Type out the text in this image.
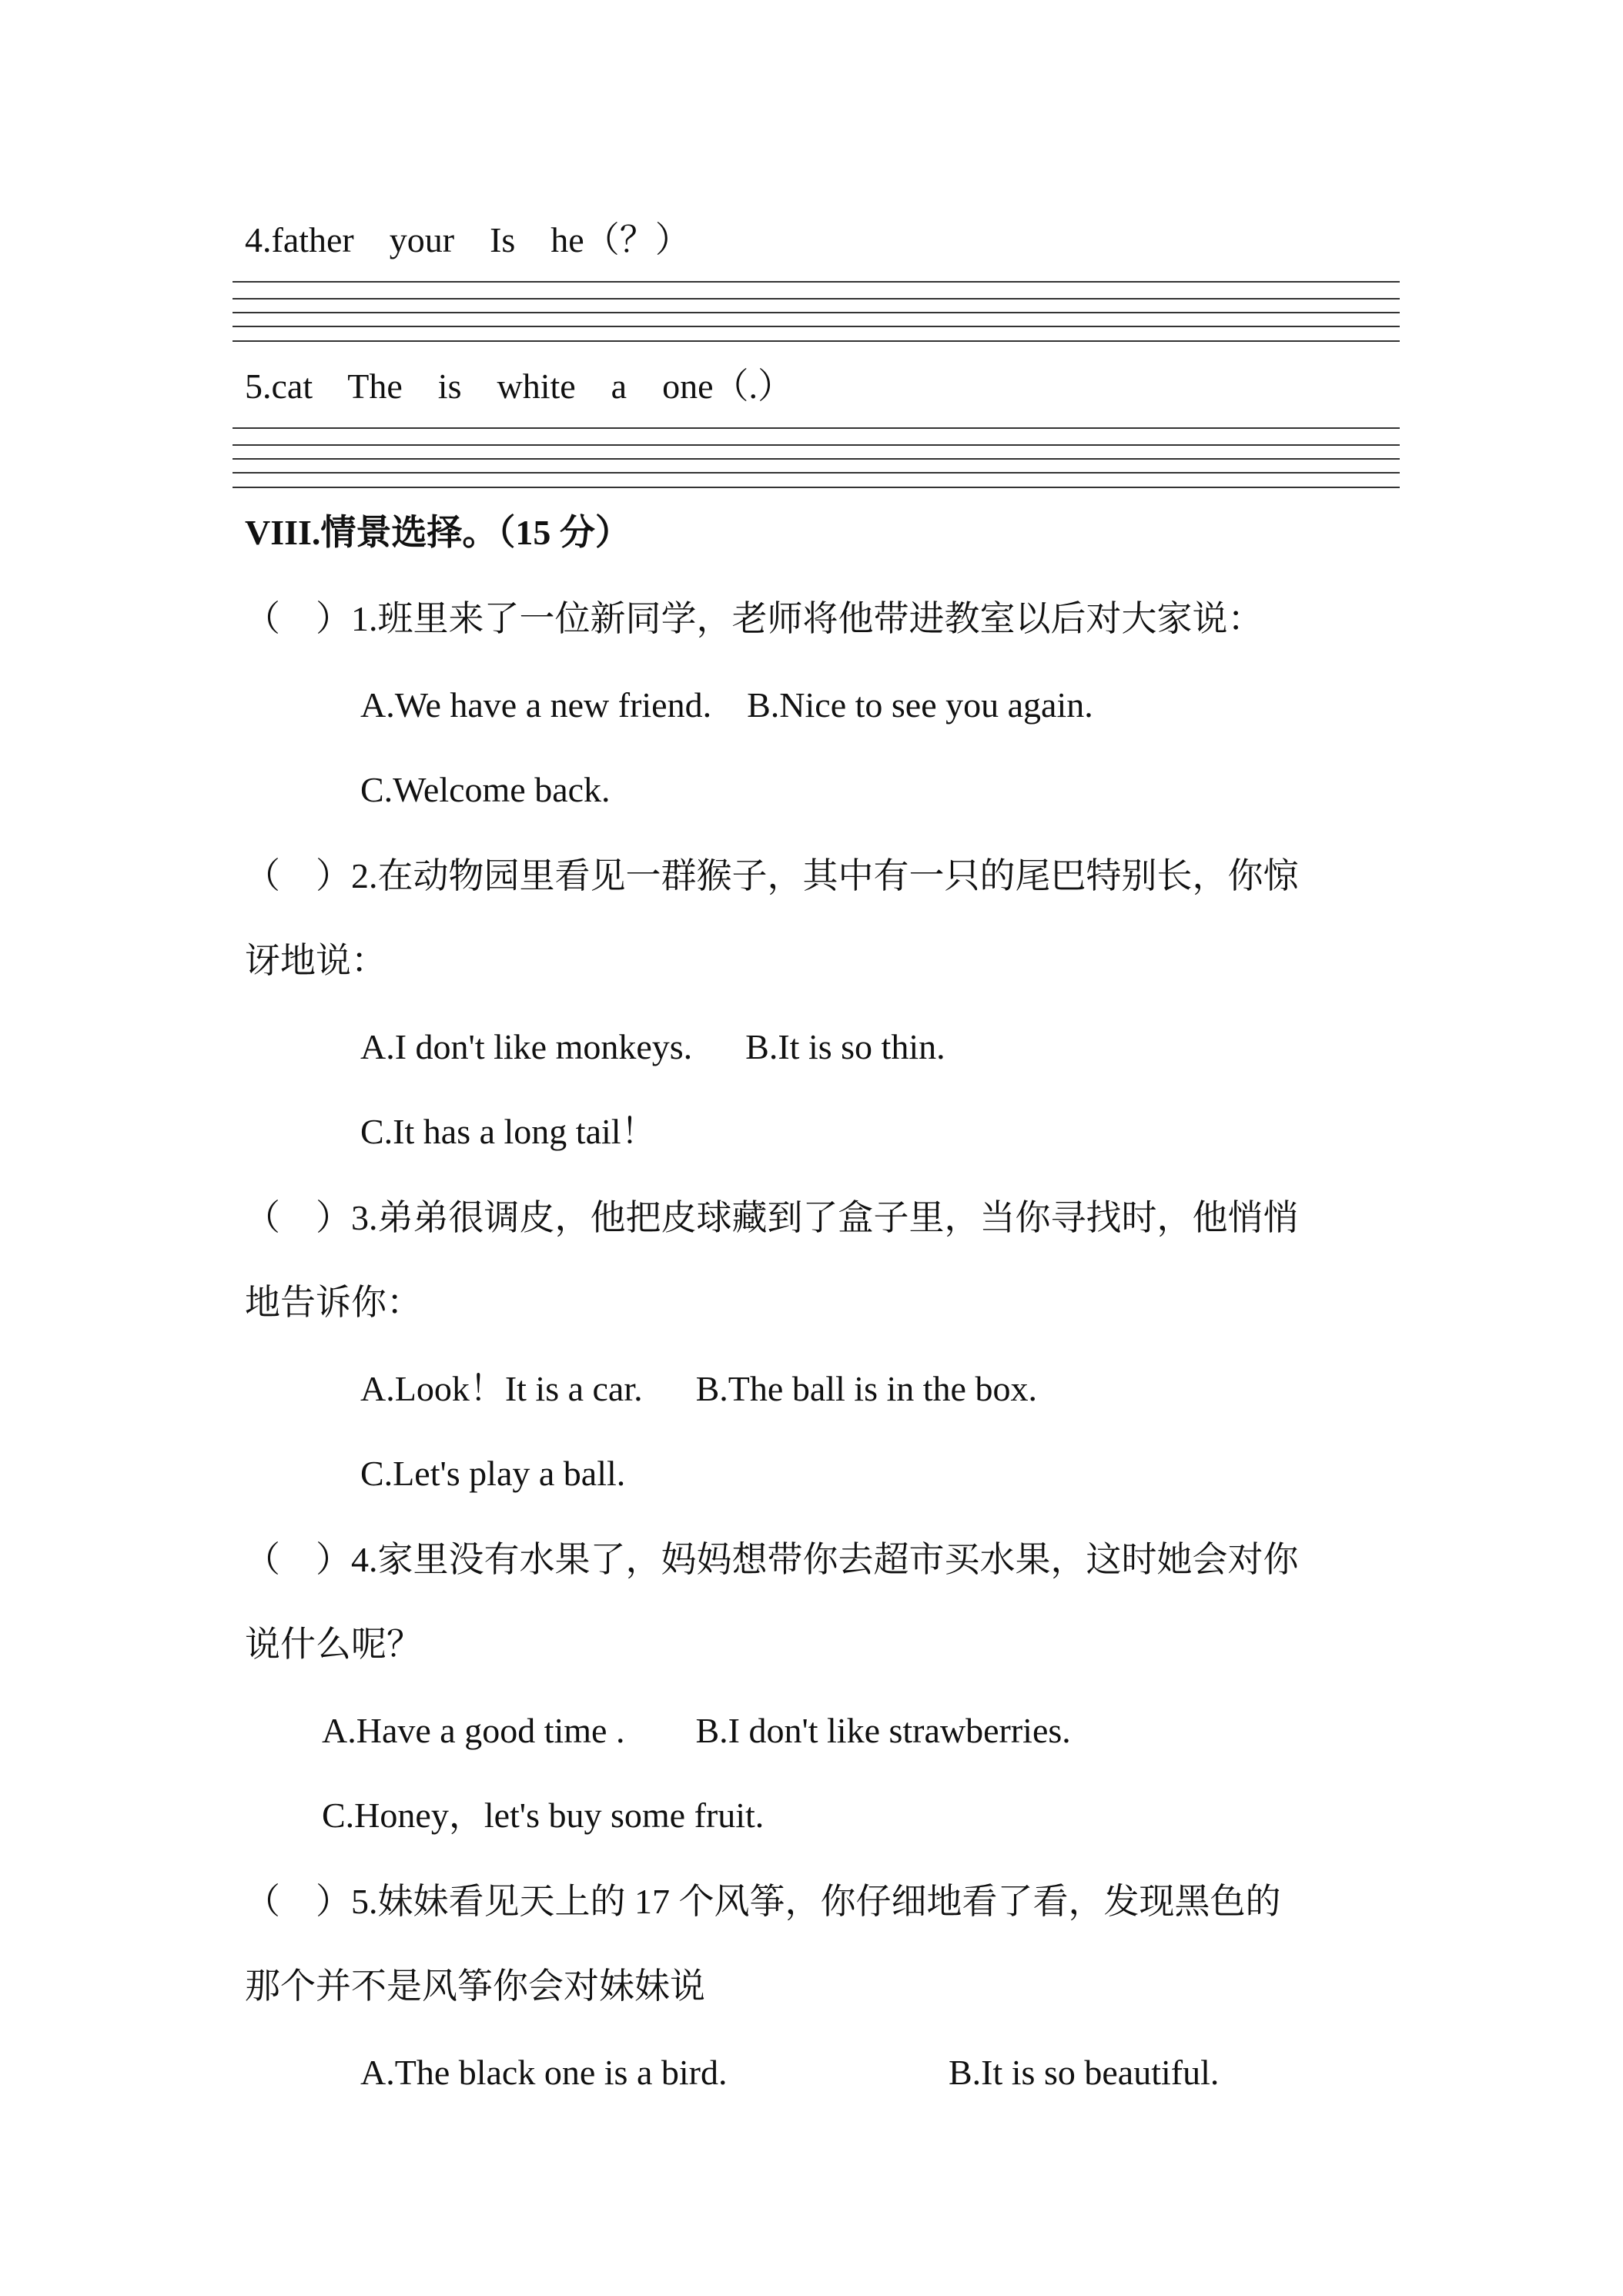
4.father    your    Is    he（？）
5.cat    The    is    white    a    one（.）
VIII.情景选择。（15 分）
（    ）1.班里来了一位新同学，老师将他带进教室以后对大家说：
A.We have a new friend.    B.Nice to see you again.
C.Welcome back.
（    ）2.在动物园里看见一群猴子，其中有一只的尾巴特别长，你惊
讶地说：
A.I don't like monkeys.      B.It is so thin.
C.It has a long tail！
（    ）3.弟弟很调皮，他把皮球藏到了盒子里，当你寻找时，他悄悄
地告诉你：
A.Look！It is a car.      B.The ball is in the box.
C.Let's play a ball.
（    ）4.家里没有水果了，妈妈想带你去超市买水果，这时她会对你
说什么呢？
A.Have a good time .        B.I don't like strawberries.
C.Honey，let's buy some fruit.
（    ）5.妹妹看见天上的 17 个风筝，你仔细地看了看，发现黑色的
那个并不是风筝你会对妹妹说
A.The black one is a bird.	B.It is so beautiful.
